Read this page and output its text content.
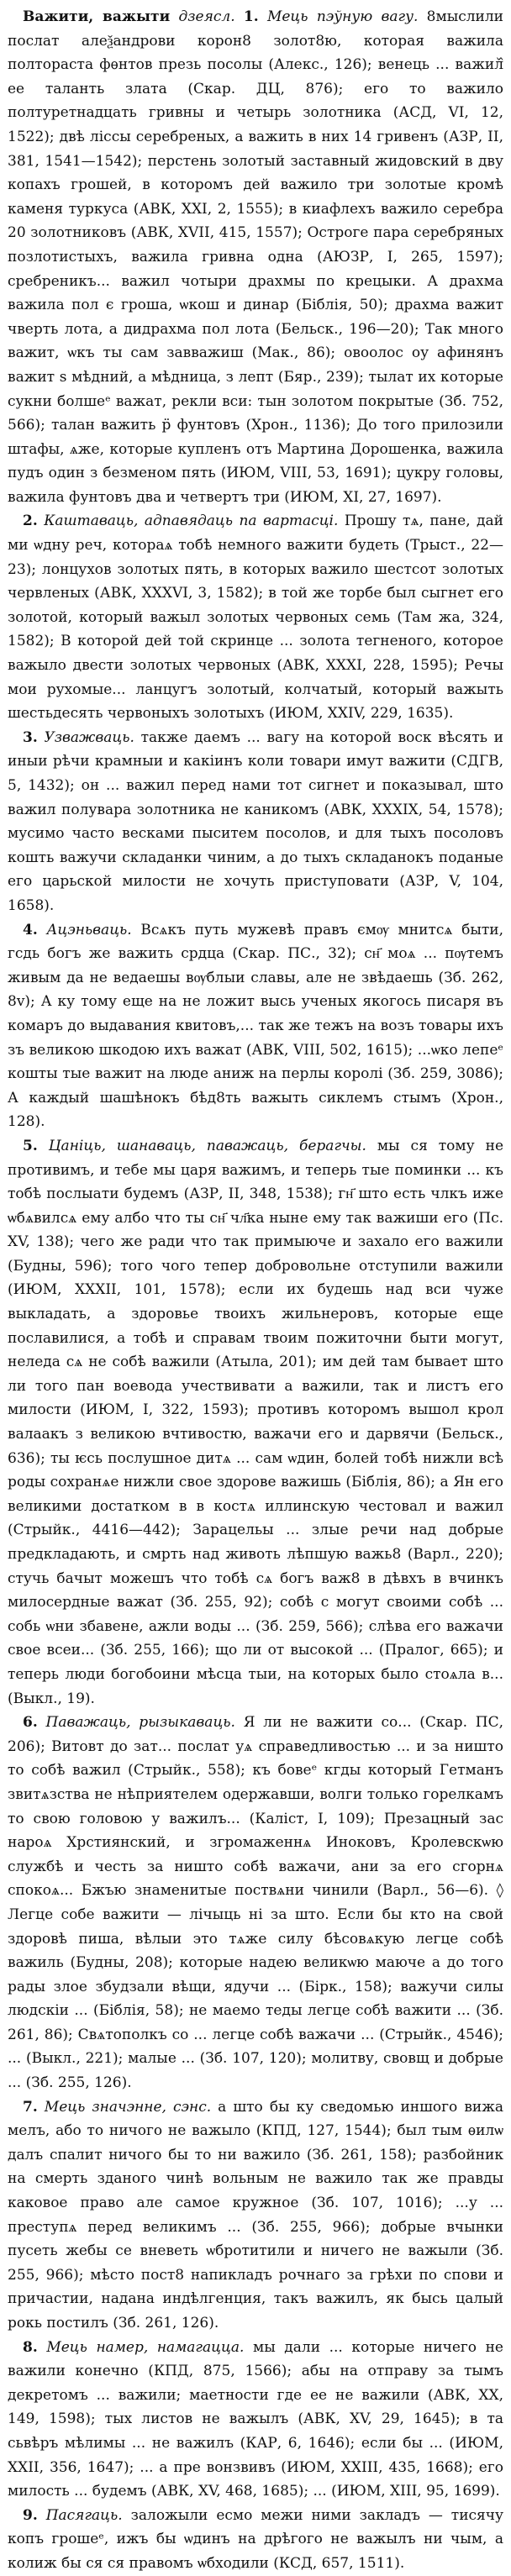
Важити, важыти дзеясл. 1. Мець пэўную вагу. 8мыслили послат алеѯандрови корон8 золот8ю, которая важила полтораста фѳнтов презь посолы (Алекс., 126); венець ... важил᷈ ее таланть злата (Скар. ДЦ, 876); его то важило полтуретнадцать гривны и четырь золотника (АСД, VI, 12, 1522); двѣ ліссы серебреных, а важить в них 14 гривенъ (АЗР, II, 381, 1541—1542); перстень золотый заставный жидовский в дву копахъ грошей, в которомъ дей важило три золотые кромѣ каменя туркуса (АВК, XXI, 2, 1555); в киафлехъ важило серебра 20 золотниковъ (АВК, XVII, 415, 1557); Остроге пара серебряных позлотистыхъ, важила гривна одна (АЮЗР, I, 265, 1597); сребреникъ... важил чотыри драхмы по крецыки. А драхма важила пол є гроша, ѡкош и динар (Біблія, 50); драхма важит чверть лота, а дидрахма пол лота (Бельск., 196—20); Так много важит, ѡкъ ты сам завважиш (Мак., 86); овоолос оу афинянъ важит ѕ мѣдний, а мѣдница, з лепт (Бяр., 239); тылат их которые сукни болшеᵉ важат, рекли вси: тын золотом покрытые (Зб. 752, 566); талан важить р̈ фунтовъ (Хрон., 1136); До того прилозили штафы, ѧже, которые купленъ отъ Мартина Дорошенка, важила пудъ один з безменом пять (ИЮМ, VIII, 53, 1691); цукру головы, важила фунтовъ два и четвертъ три (ИЮМ, XI, 27, 1697).

2. Каштаваць, адпавядаць па вартасці. Прошу тѧ, пане, дай ми ѡдну реч, котораѧ тобѣ немного важити будеть (Трыст., 22—23); лонцухов золотых пять, в которых важило шестсот золотых червленых (АВК, XXXVI, 3, 1582); в той же торбе был сыгнет его золотой, который важыл золотых червоных семь (Там жа, 324, 1582); В которой дей той скринце ... золота тегненого, которое важыло двести золотых червоных (АВК, XXXI, 228, 1595); Речы мои рухомые... ланцугъ золотый, колчатый, который важыть шестьдесять червоныхъ золотыхъ (ИЮМ, XXIV, 229, 1635).

3. Узважваць. также даемъ ... вагу на которой воск вѣсять и иныи рѣчи крамныи и какіинъ коли товари имут важити (СДГВ, 5, 1432); он ... важил перед нами тот сигнет и показывал, што важил полувара золотника не каникомъ (АВК, XXXIX, 54, 1578); мусимо часто весками пыситем посолов, и для тыхъ посоловъ кошть важучи складанки чиним, а до тыхъ складанокъ поданые его царьской милости не хочуть приступовати (АЗР, V, 104, 1658).

4. Ацэньваць. Всѧкъ путь мужевѣ правъ ємѹ мнитсѧ быти, гсдь богъ же важить срдца (Скар. ПС., 32); сн҃ моѧ ... пѹтемъ живым да не ведаешы вѹблыи славы, але не звѣдаешь (Зб. 262, 8v); А ку тому еще на не ложит высь ученых якогось писаря въ комаръ до выдавания квитовъ,... так же тежъ на возъ товары ихъ зъ великою шкодою ихъ важат (АВК, VIII, 502, 1615); ...ѡко лепеᵉ кошты тые важит на люде аниж на перлы королі (Зб. 259, 3086); А каждый шашѣнокъ бѣд8ть важыть сиклемъ стымъ (Хрон., 128).

5. Цаніць, шанаваць, паважаць, берагчы. мы ся тому не противимъ, и тебе мы царя важимъ, и теперь тые поминки ... къ тобѣ послыати будемъ (АЗР, II, 348, 1538); гн҃ што есть члкъ иже ѡбѧвилсѧ ему албо что ты сн҃ чл҃ка ныне ему так важиши его (Пс. XV, 138); чего же ради что так примыюче и захало его важили (Будны, 596); того чого тепер добровольне отступили важили (ИЮМ, XXXII, 101, 1578); если их будешь над вси чуже выкладать, а здоровье твоихъ жильнеровъ, которые еще пославилися, а тобѣ и справам твоим пожиточни быти могут, неледа сѧ не собѣ важили (Атыла, 201); им дей там бывает што ли того пан воевода учествивати а важили, так и листъ его милости (ИЮМ, I, 322, 1593); противъ которомъ вышол крол валаакъ з великою вчтивостю, важачи его и дарвячи (Бельск., 636); ты ѥсь послушное дитѧ ... сам ѡдин, болей тобѣ нижли всѣ роды сохранѧе нижли свое здорове важишь (Біблія, 86); а Ян его великими достатком в в костѧ иллинскую честовал и важил (Стрыйк., 4416—442); Зарацельы ... злые речи над добрые предкладають, и смрть над животь лѣпшую важь8 (Варл., 220); стучь бачыт можешъ что тобѣ сѧ богъ важ8 в дѣвхъ в вчинкъ милосердные важат (Зб. 255, 92); собѣ с могут своими собѣ ... собь ѡни збавене, ажли воды ... (Зб. 259, 566); слѣва его важачи свое всеи... (Зб. 255, 166); що ли от высокой ... (Пралог, 665); и теперь люди богобоини мѣсца тыи, на которых было стоѧла в... (Выкл., 19).

6. Паважаць, рызыкаваць. Я ли не важити со... (Скар. ПС, 206); Витовт до зат... послат уѧ справедливостью ... и за ништо то собѣ важил (Стрыйк., 558); къ бовеᵉ кгды который Гетманъ звитѧзства не нѣприятелем одержавши, волги только горелкамъ то свою головою у важилъ... (Калiст, I, 109); Презацный зас нароѧ Хрстиянский, и згромаженнѧ Иноковъ, Кролевскѡю службѣ и честь за ништо собѣ важачи, ани за его сгорнѧ спокоѧ... Бжъю знаменитые поствѧни чинили (Варл., 56—6). ◊ Легце собе важити — лічыць ні за што. Если бы кто на свой здоровѣ пиша, вѣлыи это тѧже силу бѣсовѧкую легце собѣ важиль (Будны, 208); которые надею великѡю маюче а до того рады злое збудзали вѣщи, ядучи ... (Бірк., 158); важучи силы людскіи ... (Біблія, 58); не маемо теды легце собѣ важити ... (Зб. 261, 86); Свѧтополкъ со ... легце собѣ важачи ... (Стрыйк., 4546); ... (Выкл., 221); малые ... (Зб. 107, 120); молитву, свовщ и добрые ... (Зб. 255, 126).

7. Мець значэнне, сэнс. а што бы ку сведомью иншого вижа мелъ, або то ничого не важыло (КПД, 127, 1544); был тым ѳилѡ далъ спалит ничого бы то ни важило (Зб. 261, 158); разбойник на смерть зданого чинѣ вольным не важило так же правды каковое право але самое кружное (Зб. 107, 1016); ...у ... преступѧ перед великимъ ... (Зб. 255, 966); добрые вчынки пусеть жебы се вневеть ѡбротитили и ничего не важыли (Зб. 255, 966); мѣсто пост8 напикладъ рочнаго за грѣхи по спови и причастии, надана индѣлгенция, такъ важилъ, як бысь цалый рокь постилъ (Зб. 261, 126).

8. Мець намер, намагацца. мы дали ... которые ничего не важили конечно (КПД, 875, 1566); абы на отправу за тымъ декретомъ ... важили; маетности где ее не важили (АВК, XX, 149, 1598); тых листов не важылъ (АВК, XV, 29, 1645); в та сьвѣръ мѣлимы ... не важилъ (КАР, 6, 1646); если бы ... (ИЮМ, XXII, 356, 1647); ... а пре вонзвивъ (ИЮМ, XXIII, 435, 1668); его милость ... будемъ (АВК, XV, 468, 1685); ... (ИЮМ, XIII, 95, 1699).

9. Пасягаць. заложыли есмо межи ними закладъ — тисячу копъ грошеᵉ, ижъ бы ѡдинъ на дрѣгого не важылъ ни чым, а колиж бы ся ся правомъ ѡбходили (КСД, 657, 1511).
